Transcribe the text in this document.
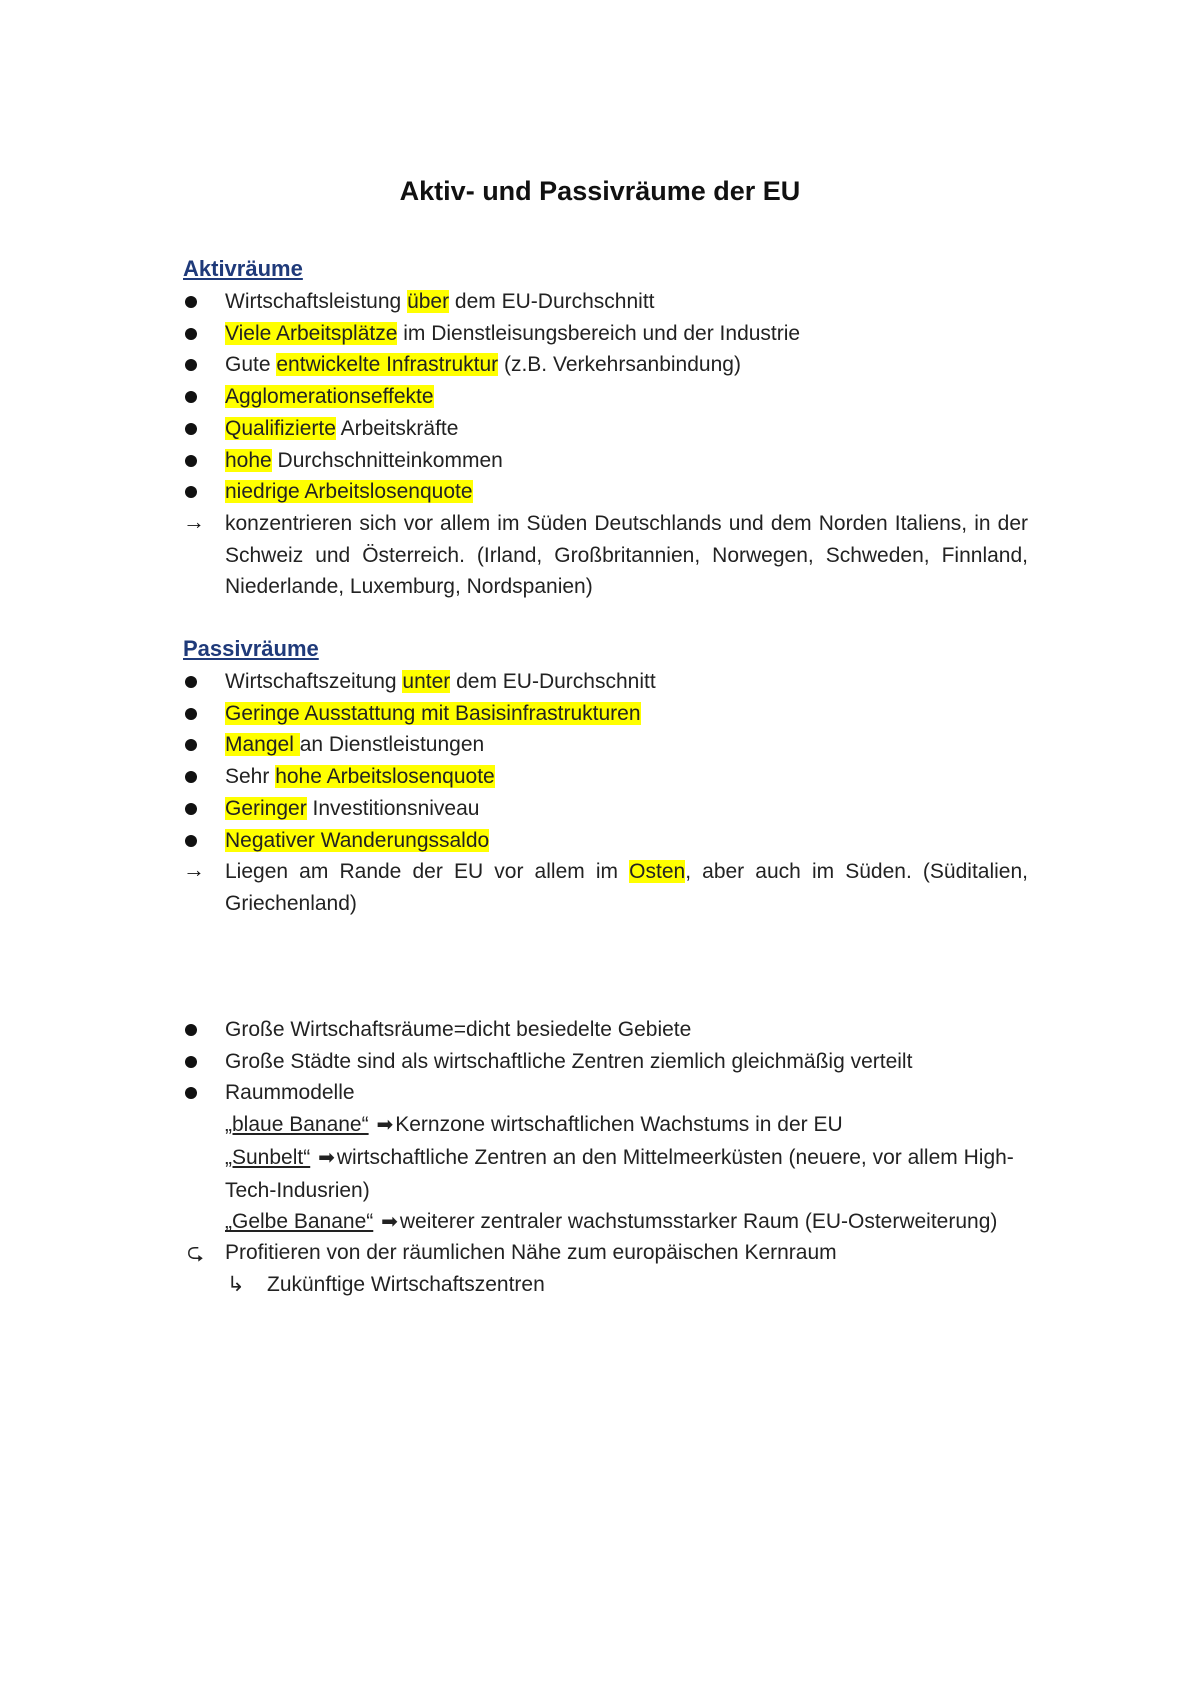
Aktiv- und Passivräume der EU
Aktivräume
Wirtschaftsleistung über dem EU-Durchschnitt
Viele Arbeitsplätze im Dienstleisungsbereich und der Industrie
Gute entwickelte Infrastruktur (z.B. Verkehrsanbindung)
Agglomerationseffekte
Qualifizierte Arbeitskräfte
hohe Durchschnitteinkommen
niedrige Arbeitslosenquote
→ konzentrieren sich vor allem im Süden Deutschlands und dem Norden Italiens, in der Schweiz und Österreich. (Irland, Großbritannien, Norwegen, Schweden, Finnland, Niederlande, Luxemburg, Nordspanien)
Passivräume
Wirtschaftszeitung unter dem EU-Durchschnitt
Geringe Ausstattung mit Basisinfrastrukturen
Mangel an Dienstleistungen
Sehr hohe Arbeitslosenquote
Geringer Investitionsniveau
Negativer Wanderungssaldo
→ Liegen am Rande der EU vor allem im Osten, aber auch im Süden. (Süditalien, Griechenland)
Große Wirtschaftsräume=dicht besiedelte Gebiete
Große Städte sind als wirtschaftliche Zentren ziemlich gleichmäßig verteilt
Raummodelle
„blaue Banane“ ➡Kernzone wirtschaftlichen Wachstums in der EU
„Sunbelt“ ➡wirtschaftliche Zentren an den Mittelmeerküsten (neuere, vor allem High-Tech-Indusrien)
„Gelbe Banane“ ➡weiterer zentraler wachstumsstarker Raum (EU-Osterweiterung)
⮎ Profitieren von der räumlichen Nähe zum europäischen Kernraum
↳ Zukünftige Wirtschaftszentren
